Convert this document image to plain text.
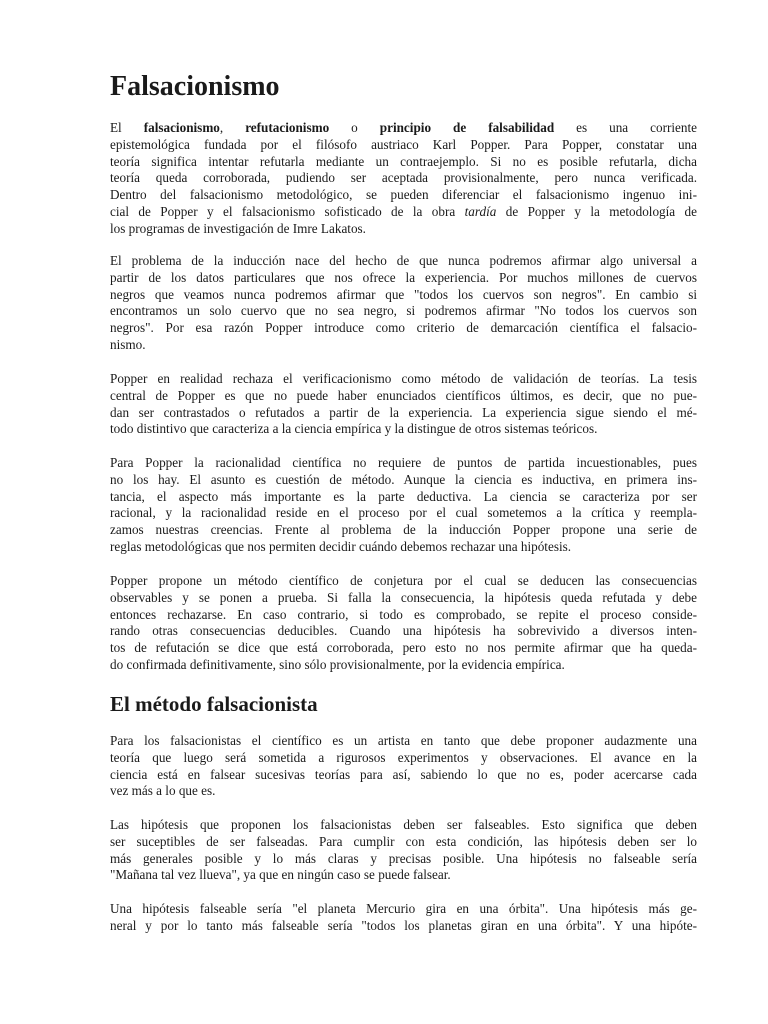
Falsacionismo
El falsacionismo, refutacionismo o principio de falsabilidad es una corriente
epistemológica fundada por el filósofo austriaco Karl Popper. Para Popper, constatar una
teoría significa intentar refutarla mediante un contraejemplo. Si no es posible refutarla, dicha
teoría queda corroborada, pudiendo ser aceptada provisionalmente, pero nunca verificada.
Dentro del falsacionismo metodológico, se pueden diferenciar el falsacionismo ingenuo ini-
cial de Popper y el falsacionismo sofisticado de la obra tardía de Popper y la metodología de
los programas de investigación de Imre Lakatos.
El problema de la inducción nace del hecho de que nunca podremos afirmar algo universal a
partir de los datos particulares que nos ofrece la experiencia. Por muchos millones de cuervos
negros que veamos nunca podremos afirmar que "todos los cuervos son negros". En cambio si
encontramos un solo cuervo que no sea negro, si podremos afirmar "No todos los cuervos son
negros". Por esa razón Popper introduce como criterio de demarcación científica el falsacio-
nismo.
Popper en realidad rechaza el verificacionismo como método de validación de teorías. La tesis
central de Popper es que no puede haber enunciados científicos últimos, es decir, que no pue-
dan ser contrastados o refutados a partir de la experiencia. La experiencia sigue siendo el mé-
todo distintivo que caracteriza a la ciencia empírica y la distingue de otros sistemas teóricos.
Para Popper la racionalidad científica no requiere de puntos de partida incuestionables, pues
no los hay. El asunto es cuestión de método. Aunque la ciencia es inductiva, en primera ins-
tancia, el aspecto más importante es la parte deductiva. La ciencia se caracteriza por ser
racional, y la racionalidad reside en el proceso por el cual sometemos a la crítica y reempla-
zamos nuestras creencias. Frente al problema de la inducción Popper propone una serie de
reglas metodológicas que nos permiten decidir cuándo debemos rechazar una hipótesis.
Popper propone un método científico de conjetura por el cual se deducen las consecuencias
observables y se ponen a prueba. Si falla la consecuencia, la hipótesis queda refutada y debe
entonces rechazarse. En caso contrario, si todo es comprobado, se repite el proceso conside-
rando otras consecuencias deducibles. Cuando una hipótesis ha sobrevivido a diversos inten-
tos de refutación se dice que está corroborada, pero esto no nos permite afirmar que ha queda-
do confirmada definitivamente, sino sólo provisionalmente, por la evidencia empírica.
El método falsacionista
Para los falsacionistas el científico es un artista en tanto que debe proponer audazmente una
teoría que luego será sometida a rigurosos experimentos y observaciones. El avance en la
ciencia está en falsear sucesivas teorías para así, sabiendo lo que no es, poder acercarse cada
vez más a lo que es.
Las hipótesis que proponen los falsacionistas deben ser falseables. Esto significa que deben
ser suceptibles de ser falseadas. Para cumplir con esta condición, las hipótesis deben ser lo
más generales posible y lo más claras y precisas posible. Una hipótesis no falseable sería
"Mañana tal vez llueva", ya que en ningún caso se puede falsear.
Una hipótesis falseable sería "el planeta Mercurio gira en una órbita". Una hipótesis más ge-
neral y por lo tanto más falseable sería "todos los planetas giran en una órbita". Y una hipóte-
